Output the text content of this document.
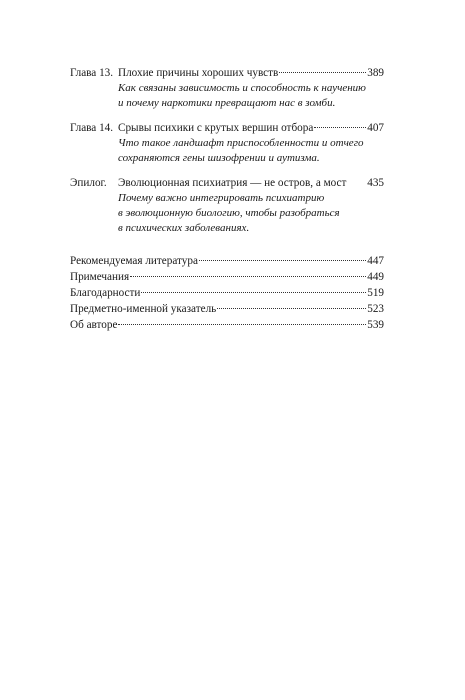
Глава 13. Плохие причины хороших чувств	389
Как связаны зависимость и способность к научению
и почему наркотики превращают нас в зомби.
Глава 14. Срывы психики с крутых вершин отбора	407
Что такое ландшафт приспособленности и отчего
сохраняются гены шизофрении и аутизма.
Эпилог.	Эволюционная психиатрия — не остров, а мост 435
Почему важно интегрировать психиатрию
в эволюционную биологию, чтобы разобраться
в психических заболеваниях.
Рекомендуемая литература	447
Примечания	449
Благодарности	519
Предметно-именной указатель	523
Об авторе	539
